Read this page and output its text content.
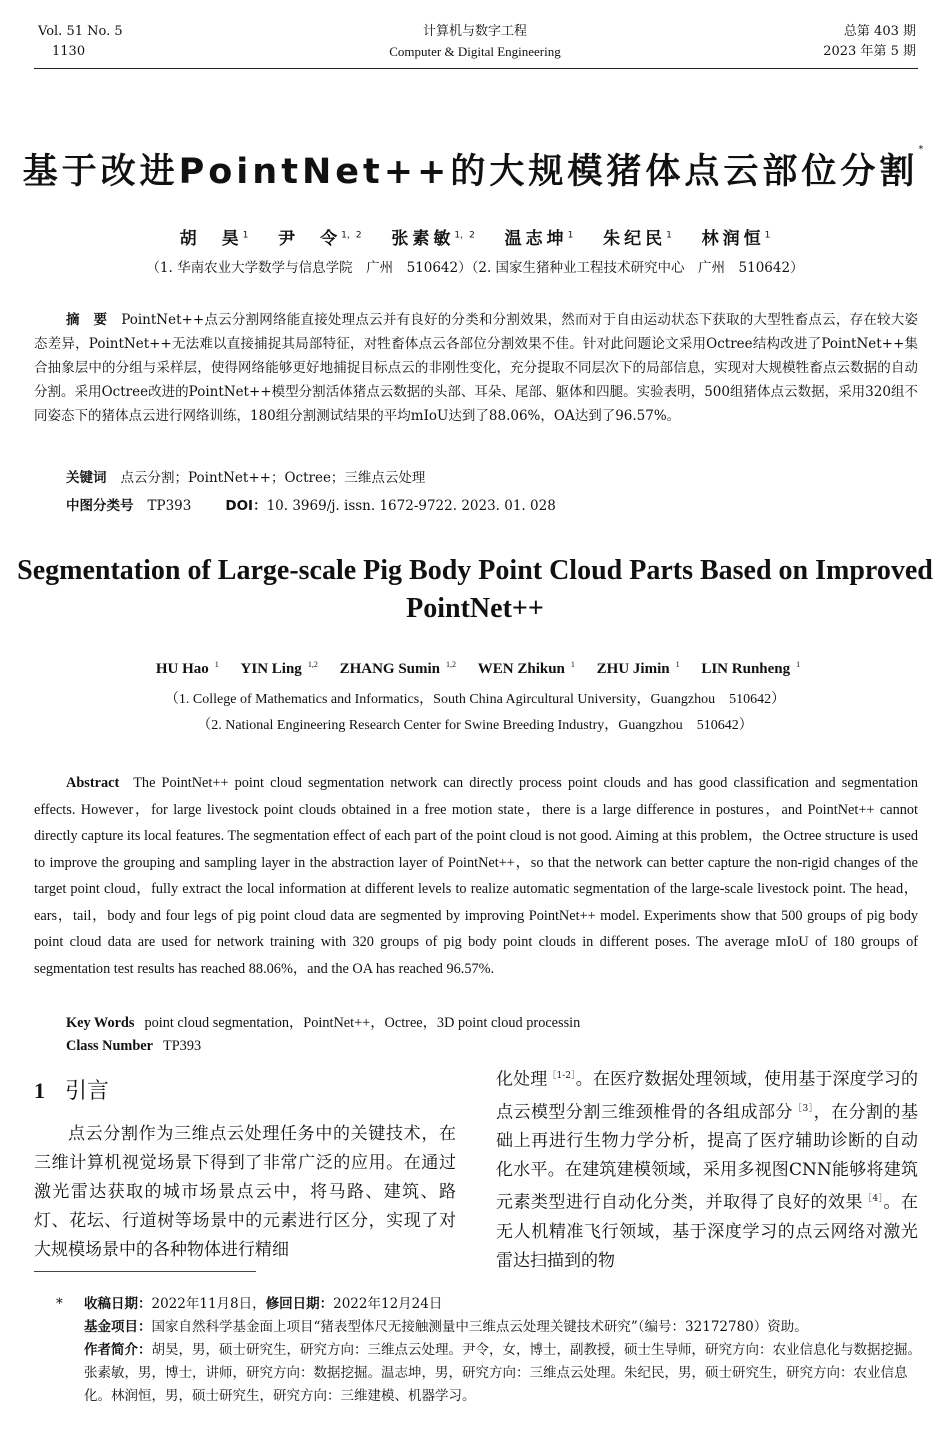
Vol. 51 No. 5
1130
计算机与数字工程
Computer & Digital Engineering
总第 403 期
2023 年第 5 期
基于改进PointNet++的大规模猪体点云部位分割*
胡　昊$^1$ 尹　令$^{1,2}$ 张素敏$^{1,2}$ 温志坤$^1$ 朱纪民$^1$ 林润恒$^1$
（1. 华南农业大学数学与信息学院　广州　510642）（2. 国家生猪种业工程技术研究中心　广州　510642）
摘　要 PointNet++点云分割网络能直接处理点云并有良好的分类和分割效果，然而对于自由运动状态下获取的大型牲畜点云，存在较大姿态差异，PointNet++无法难以直接捕捉其局部特征，对牲畜体点云各部位分割效果不佳。针对此问题论文采用Octree结构改进了PointNet++集合抽象层中的分组与采样层，使得网络能够更好地捕捉目标点云的非刚性变化，充分提取不同层次下的局部信息，实现对大规模牲畜点云数据的自动分割。采用Octree改进的PointNet++模型分割活体猪点云数据的头部、耳朵、尾部、躯体和四腿。实验表明，500组猪体点云数据，采用320组不同姿态下的猪体点云进行网络训练，180组分割测试结果的平均mIoU达到了88.06%，OA达到了96.57%。
关键词 点云分割；PointNet++；Octree；三维点云处理
中图分类号 TP393	DOI：10. 3969/j. issn. 1672-9722. 2023. 01. 028
Segmentation of Large-scale Pig Body Point Cloud Parts Based on Improved PointNet++
HU Hao $^1$ YIN Ling $^{1,2}$ ZHANG Sumin $^{1,2}$ WEN Zhikun $^1$ ZHU Jimin $^1$ LIN Runheng $^1$
（1. College of Mathematics and Informatics，South China Agircultural University，Guangzhou　510642）
（2. National Engineering Research Center for Swine Breeding Industry，Guangzhou　510642）
Abstract The PointNet++ point cloud segmentation network can directly process point clouds and has good classification and segmentation effects. However，for large livestock point clouds obtained in a free motion state，there is a large difference in postures，and PointNet++ cannot directly capture its local features. The segmentation effect of each part of the point cloud is not good. Aiming at this problem，the Octree structure is used to improve the grouping and sampling layer in the abstraction layer of PointNet++，so that the network can better capture the non-rigid changes of the target point cloud，fully extract the local information at different levels to realize automatic segmentation of the large-scale livestock point. The head，ears，tail，body and four legs of pig point cloud data are segmented by improving PointNet++ model. Experiments show that 500 groups of pig body point cloud data are used for network training with 320 groups of pig body point clouds in different poses. The average mIoU of 180 groups of segmentation test results has reached 88.06%，and the OA has reached 96.57%.
Key Words point cloud segmentation，PointNet++，Octree，3D point cloud processin
Class Number TP393
1 引言
点云分割作为三维点云处理任务中的关键技术，在三维计算机视觉场景下得到了非常广泛的应用。在通过激光雷达获取的城市场景点云中，将马路、建筑、路灯、花坛、行道树等场景中的元素进行区分，实现了对大规模场景中的各种物体进行精细
化处理$^{[1-2]}$。在医疗数据处理领域，使用基于深度学习的点云模型分割三维颈椎骨的各组成部分$^{[3]}$，在分割的基础上再进行生物力学分析，提高了医疗辅助诊断的自动化水平。在建筑建模领域，采用多视图CNN能够将建筑元素类型进行自动化分类，并取得了良好的效果$^{[4]}$。在无人机精准飞行领域，基于深度学习的点云网络对激光雷达扫描到的物
* 收稿日期：2022年11月8日，修回日期：2022年12月24日

基金项目：国家自然科学基金面上项目“猪表型体尺无接触测量中三维点云处理关键技术研究”（编号：32172780）资助。

作者简介：胡昊，男，硕士研究生，研究方向：三维点云处理。尹令，女，博士，副教授，硕士生导师，研究方向：农业信息化与数据挖掘。张素敏，男，博士，讲师，研究方向：数据挖掘。温志坤，男，研究方向：三维点云处理。朱纪民，男，硕士研究生，研究方向：农业信息化。林润恒，男，硕士研究生，研究方向：三维建模、机器学习。
